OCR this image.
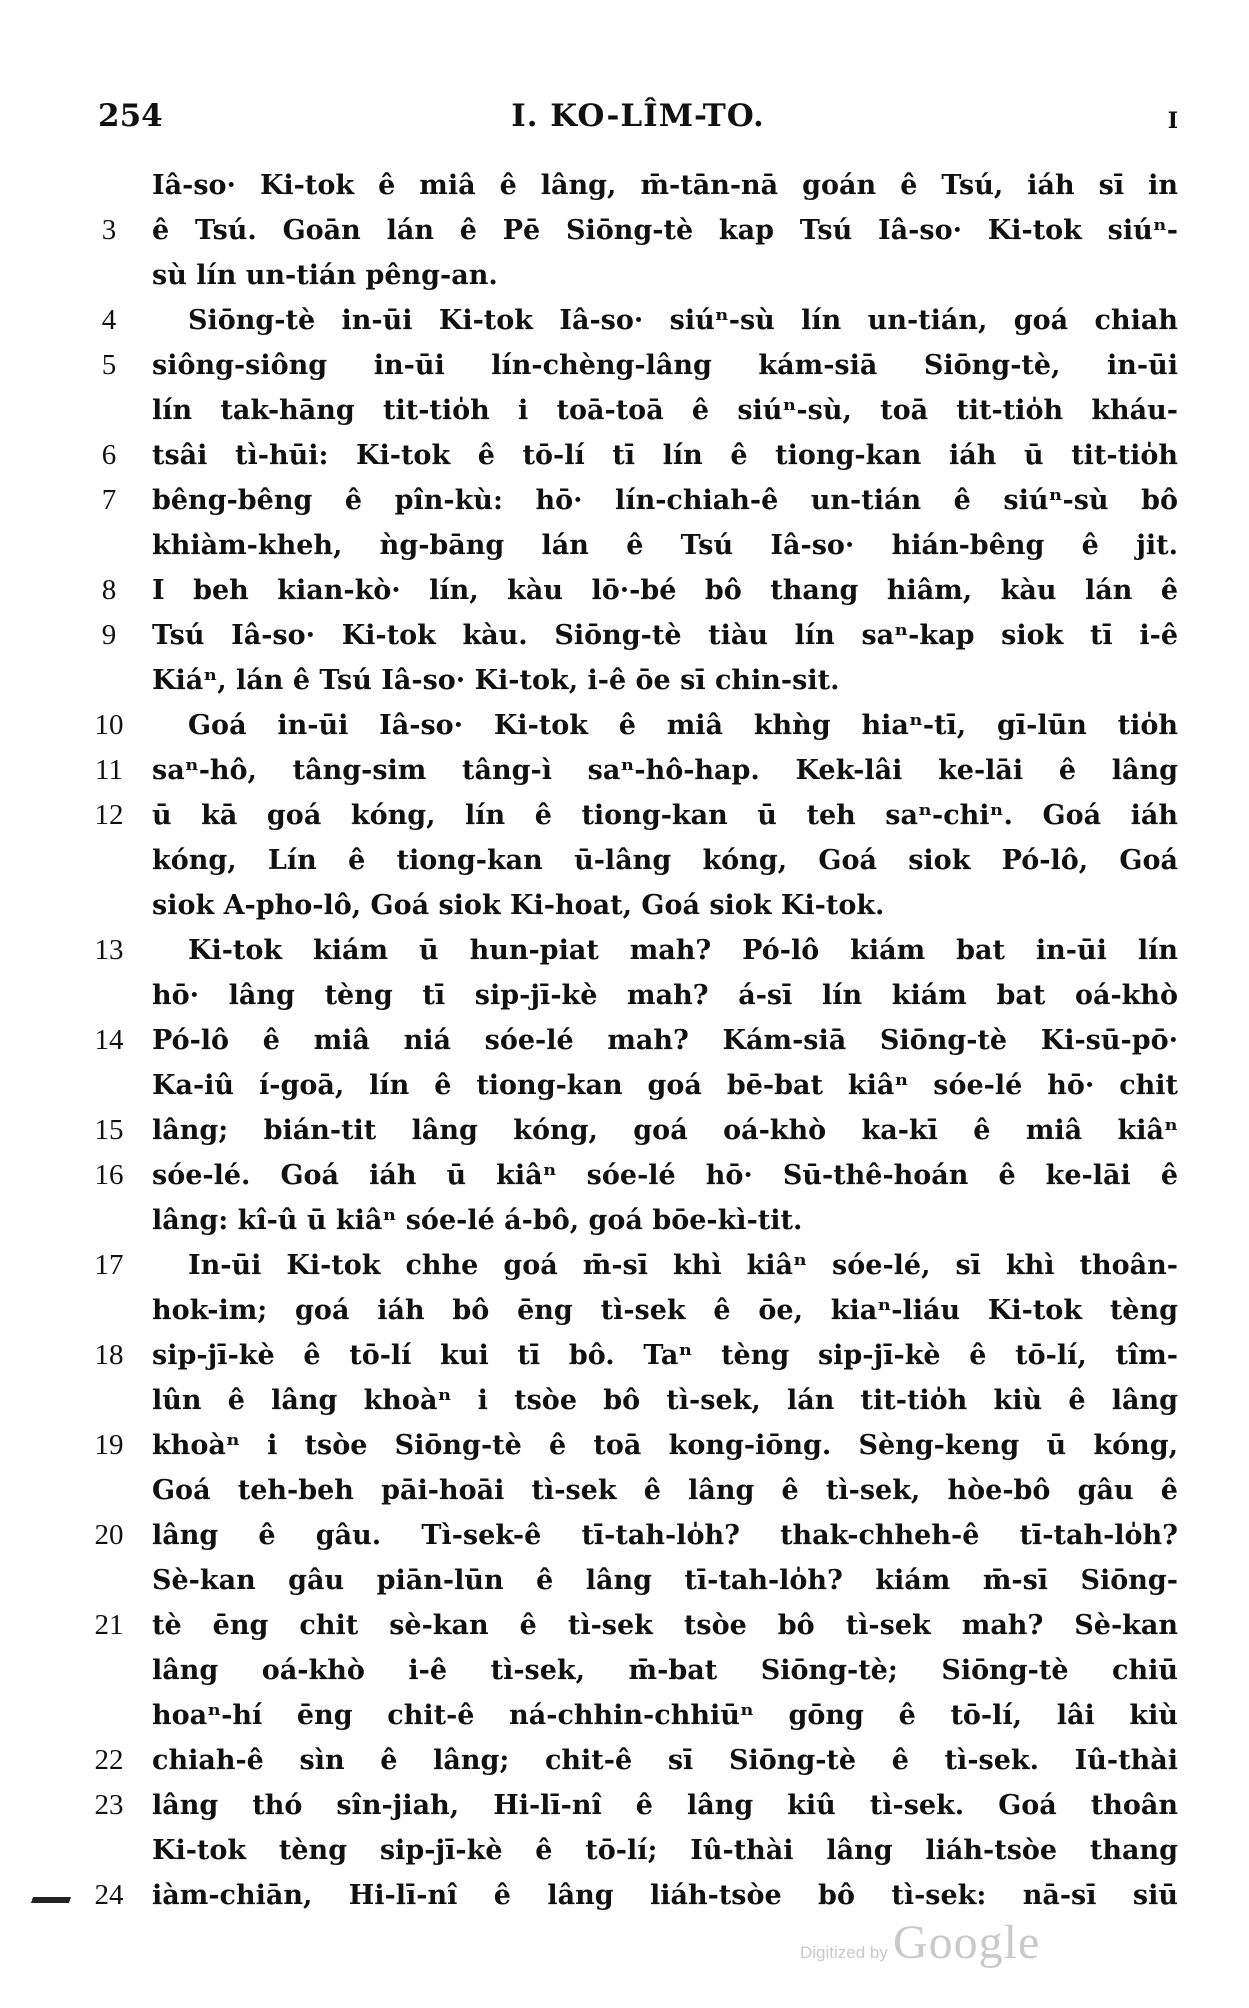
254	I. KO-LÎM-TO.	I
Iâ-so· Ki-tok ê miâ ê lâng, m̄-tān-nā goán ê Tsú, iáh sī in
3	ê Tsú. Goān lán ê Pē Siōng-tè kap Tsú Iâ-so· Ki-tok siúⁿ-
sù lín un-tián pêng-an.
4	Siōng-tè in-ūi Ki-tok Iâ-so· siúⁿ-sù lín un-tián, goá chiah
5	siông-siông in-ūi lín-chèng-lâng kám-siā Siōng-tè, in-ūi
lín tak-hāng tit-tio̍h i toā-toā ê siúⁿ-sù, toā tit-tio̍h kháu-
6	tsâi tì-hūi: Ki-tok ê tō-lí tī lín ê tiong-kan iáh ū tit-tio̍h
7	bêng-bêng ê pîn-kù: hō· lín-chiah-ê un-tián ê siúⁿ-sù bô
khiàm-kheh, ǹg-bāng lán ê Tsú Iâ-so· hián-bêng ê jit.
8	I beh kian-kò· lín, kàu lō·-bé bô thang hiâm, kàu lán ê
9	Tsú Iâ-so· Ki-tok kàu. Siōng-tè tiàu lín saⁿ-kap siok tī i-ê
Kiáⁿ, lán ê Tsú Iâ-so· Ki-tok, i-ê ōe sī chin-sit.
10	Goá in-ūi Iâ-so· Ki-tok ê miâ khǹg hiaⁿ-tī, gī-lūn tio̍h
11	saⁿ-hô, tâng-sim tâng-ì saⁿ-hô-hap. Kek-lâi ke-lāi ê lâng
12	ū kā goá kóng, lín ê tiong-kan ū teh saⁿ-chiⁿ. Goá iáh
kóng, Lín ê tiong-kan ū-lâng kóng, Goá siok Pó-lô, Goá
siok A-pho-lô, Goá siok Ki-hoat, Goá siok Ki-tok.
13	Ki-tok kiám ū hun-piat mah? Pó-lô kiám bat in-ūi lín
hō· lâng tèng tī sip-jī-kè mah? á-sī lín kiám bat oá-khò
14	Pó-lô ê miâ niá sóe-lé mah? Kám-siā Siōng-tè Ki-sū-pō·
Ka-iû í-goā, lín ê tiong-kan goá bē-bat kiâⁿ sóe-lé hō· chit
15	lâng; bián-tit lâng kóng, goá oá-khò ka-kī ê miâ kiâⁿ
16	sóe-lé. Goá iáh ū kiâⁿ sóe-lé hō· Sū-thê-hoán ê ke-lāi ê
lâng: kî-û ū kiâⁿ sóe-lé á-bô, goá bōe-kì-tit.
17	In-ūi Ki-tok chhe goá m̄-sī khì kiâⁿ sóe-lé, sī khì thoân-
hok-im; goá iáh bô ēng tì-sek ê ōe, kiaⁿ-liáu Ki-tok tèng
18	sip-jī-kè ê tō-lí kui tī bô. Taⁿ tèng sip-jī-kè ê tō-lí, tîm-
lûn ê lâng khoàⁿ i tsòe bô tì-sek, lán tit-tio̍h kiù ê lâng
19	khoàⁿ i tsòe Siōng-tè ê toā kong-iōng. Sèng-keng ū kóng,
Goá teh-beh pāi-hoāi tì-sek ê lâng ê tì-sek, hòe-bô gâu ê
20	lâng ê gâu. Tì-sek-ê tī-tah-lo̍h? thak-chheh-ê tī-tah-lo̍h?
Sè-kan gâu piān-lūn ê lâng tī-tah-lo̍h? kiám m̄-sī Siōng-
21	tè ēng chit sè-kan ê tì-sek tsòe bô tì-sek mah? Sè-kan
lâng oá-khò i-ê tì-sek, m̄-bat Siōng-tè; Siōng-tè chiū
hoaⁿ-hí ēng chit-ê ná-chhin-chhiūⁿ gōng ê tō-lí, lâi kiù
22	chiah-ê sìn ê lâng; chit-ê sī Siōng-tè ê tì-sek. Iû-thài
23	lâng thó sîn-jiah, Hi-lī-nî ê lâng kiû tì-sek. Goá thoân
Ki-tok tèng sip-jī-kè ê tō-lí; Iû-thài lâng liáh-tsòe thang
24	iàm-chiān, Hi-lī-nî ê lâng liáh-tsòe bô tì-sek: nā-sī siū
Digitized by Google
